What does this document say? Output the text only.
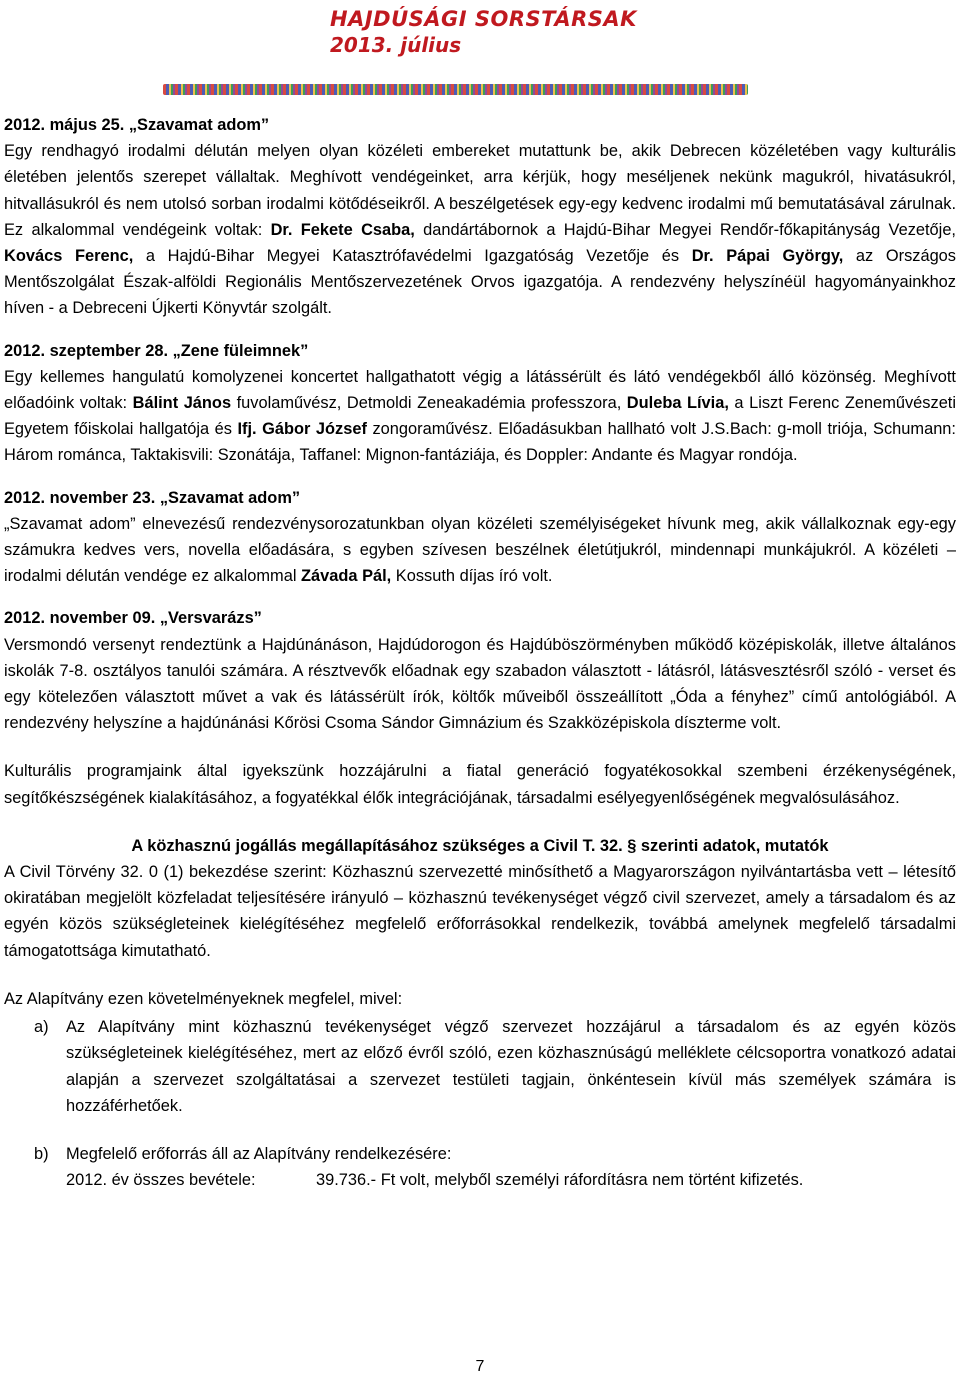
HAJDÚSÁGI SORSTÁRSAK
2013. július

2012. május 25. „Szavamat adom”

Egy rendhagyó irodalmi délután melyen olyan közéleti embereket mutattunk be, akik Debrecen közéletében vagy kulturális életében jelentős szerepet vállaltak. Meghívott vendégeinket, arra kérjük, hogy meséljenek nekünk magukról, hivatásukról, hitvallásukról és nem utolsó sorban irodalmi kötődéseikről. A beszélgetések egy-egy kedvenc irodalmi mű bemutatásával zárulnak. Ez alkalommal vendégeink voltak: Dr. Fekete Csaba, dandártábornok a Hajdú-Bihar Megyei Rendőr-főkapitányság Vezetője, Kovács Ferenc, a Hajdú-Bihar Megyei Katasztrófavédelmi Igazgatóság Vezetője és Dr. Pápai György, az Országos Mentőszolgálat Észak-alföldi Regionális Mentőszervezetének Orvos igazgatója. A rendezvény helyszínéül hagyományainkhoz híven - a Debreceni Újkerti Könyvtár szolgált.

2012. szeptember 28. „Zene füleimnek”

Egy kellemes hangulatú komolyzenei koncertet hallgathatott végig a látássérült és látó vendégekből álló közönség. Meghívott előadóink voltak: Bálint János fuvolaművész, Detmoldi Zeneakadémia professzora, Duleba Lívia, a Liszt Ferenc Zeneművészeti Egyetem főiskolai hallgatója és Ifj. Gábor József zongoraművész. Előadásukban hallható volt J.S.Bach: g-moll triója, Schumann: Három románca, Taktakisvili: Szonátája, Taffanel: Mignon-fantáziája, és Doppler: Andante és Magyar rondója.

2012. november 23. „Szavamat adom”

„Szavamat adom” elnevezésű rendezvénysorozatunkban olyan közéleti személyiségeket hívunk meg, akik vállalkoznak egy-egy számukra kedves vers, novella előadására, s egyben szívesen beszélnek életútjukról, mindennapi munkájukról. A közéleti – irodalmi délután vendége ez alkalommal Závada Pál, Kossuth díjas író volt.

2012. november 09. „Versvarázs”

Versmondó versenyt rendeztünk a Hajdúnánáson, Hajdúdorogon és Hajdúböszörményben működő középiskolák, illetve általános iskolák 7-8. osztályos tanulói számára. A résztvevők előadnak egy szabadon választott - látásról, látásvesztésről szóló - verset és egy kötelezően választott művet a vak és látássérült írók, költők műveiből összeállított „Óda a fényhez” című antológiából. A rendezvény helyszíne a hajdúnánási Kőrösi Csoma Sándor Gimnázium és Szakközépiskola díszterme volt.

Kulturális programjaink által igyekszünk hozzájárulni a fiatal generáció fogyatékosokkal szembeni érzékenységének, segítőkészségének kialakításához, a fogyatékkal élők integrációjának, társadalmi esélyegyenlőségének megvalósulásához.

A közhasznú jogállás megállapításához szükséges a Civil T. 32. § szerinti adatok, mutatók

A Civil Törvény 32. 0 (1) bekezdése szerint: Közhasznú szervezetté minősíthető a Magyarországon nyilvántartásba vett – létesítő okiratában megjelölt közfeladat teljesítésére irányuló – közhasznú tevékenységet végző civil szervezet, amely a társadalom és az egyén közös szükségleteinek kielégítéséhez megfelelő erőforrásokkal rendelkezik, továbbá amelynek megfelelő társadalmi támogatottsága kimutatható.

Az Alapítvány ezen követelményeknek megfelel, mivel:

a)	Az Alapítvány mint közhasznú tevékenységet végző szervezet hozzájárul a társadalom és az egyén közös szükségleteinek kielégítéséhez, mert az előző évről szóló, ezen közhasznúságú melléklete célcsoportra vonatkozó adatai alapján a szervezet szolgáltatásai a szervezet testületi tagjain, önkéntesein kívül más személyek számára is hozzáférhetőek.
b)	Megfelelő erőforrás áll az Alapítvány rendelkezésére:
2012. év összes bevétele:	39.736.- Ft volt, melyből személyi ráfordításra nem történt kifizetés.
7
